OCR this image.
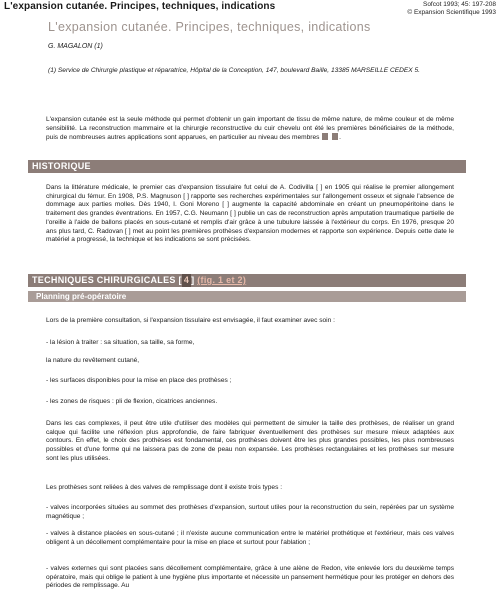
L'expansion cutanée. Principes, techniques, indications	Sofcot 1993; 45: 197-208
© Expansion Scientifique 1993
L'expansion cutanée. Principes, techniques, indications
G. MAGALON (1)
(1) Service de Chirurgie plastique et réparatrice, Hôpital de la Conception, 147, boulevard Baille, 13385 MARSEILLE CEDEX 5.
L'expansion cutanée est la seule méthode qui permet d'obtenir un gain important de tissu de même nature, de même couleur et de même sensibilité. La reconstruction mammaire et la chirurgie reconstructive du cuir chevelu ont été les premières bénéficiaires de la méthode, puis de nombreuses autres applications sont apparues, en particulier au niveau des membres	.
HISTORIQUE
Dans la littérature médicale, le premier cas d'expansion tissulaire fut celui de A. Codivilla [ ] en 1905 qui réalise le premier allongement chirurgical du fémur. En 1908, P.S. Magnuson [ ] rapporte ses recherches expérimentales sur l'allongement osseux et signale l'absence de dommage aux parties molles. Dès 1940, I. Goni Moreno [ ] augmente la capacité abdominale en créant un pneumopéritoine dans le traitement des grandes éventrations. En 1957, C.G. Neumann [ ] publie un cas de reconstruction après amputation traumatique partielle de l'oreille à l'aide de ballons placés en sous-cutané et remplis d'air grâce à une tubulure laissée à l'extérieur du corps. En 1976, presque 20 ans plus tard, C. Radovan [ ] met au point les premières prothèses d'expansion modernes et rapporte son expérience. Depuis cette date le matériel a progressé, la technique et les indications se sont précisées.
TECHNIQUES CHIRURGICALES [ 4 ] (fig. 1 et 2)
Planning pré-opératoire
Lors de la première consultation, si l'expansion tissulaire est envisagée, il faut examiner avec soin :
- la lésion à traiter : sa situation, sa taille, sa forme,
la nature du revêtement cutané,
- les surfaces disponibles pour la mise en place des prothèses ;
- les zones de risques : pli de flexion, cicatrices anciennes.
Dans les cas complexes, il peut être utile d'utiliser des modèles qui permettent de simuler la taille des prothèses, de réaliser un grand calque qui facilite une réflexion plus approfondie, de faire fabriquer éventuellement des prothèses sur mesure mieux adaptées aux contours. En effet, le choix des prothèses est fondamental, ces prothèses doivent être les plus grandes possibles, les plus nombreuses possibles et d'une forme qui ne laissera pas de zone de peau non expansée. Les prothèses rectangulaires et les prothèses sur mesure sont les plus utilisées.
Les prothèses sont reliées à des valves de remplissage dont il existe trois types :
- valves incorporées situées au sommet des prothèses d'expansion, surtout utiles pour la reconstruction du sein, repérées par un système magnétique ;
- valves à distance placées en sous-cutané ; il n'existe aucune communication entre le matériel prothétique et l'extérieur, mais ces valves obligent à un décollement complémentaire pour la mise en place et surtout pour l'ablation ;
- valves externes qui sont placées sans décollement complémentaire, grâce à une alène de Redon, vite enlevée lors du deuxième temps opératoire, mais qui oblige le patient à une hygiène plus importante et nécessite un pansement hermétique pour les protéger en dehors des périodes de remplissage. Au
